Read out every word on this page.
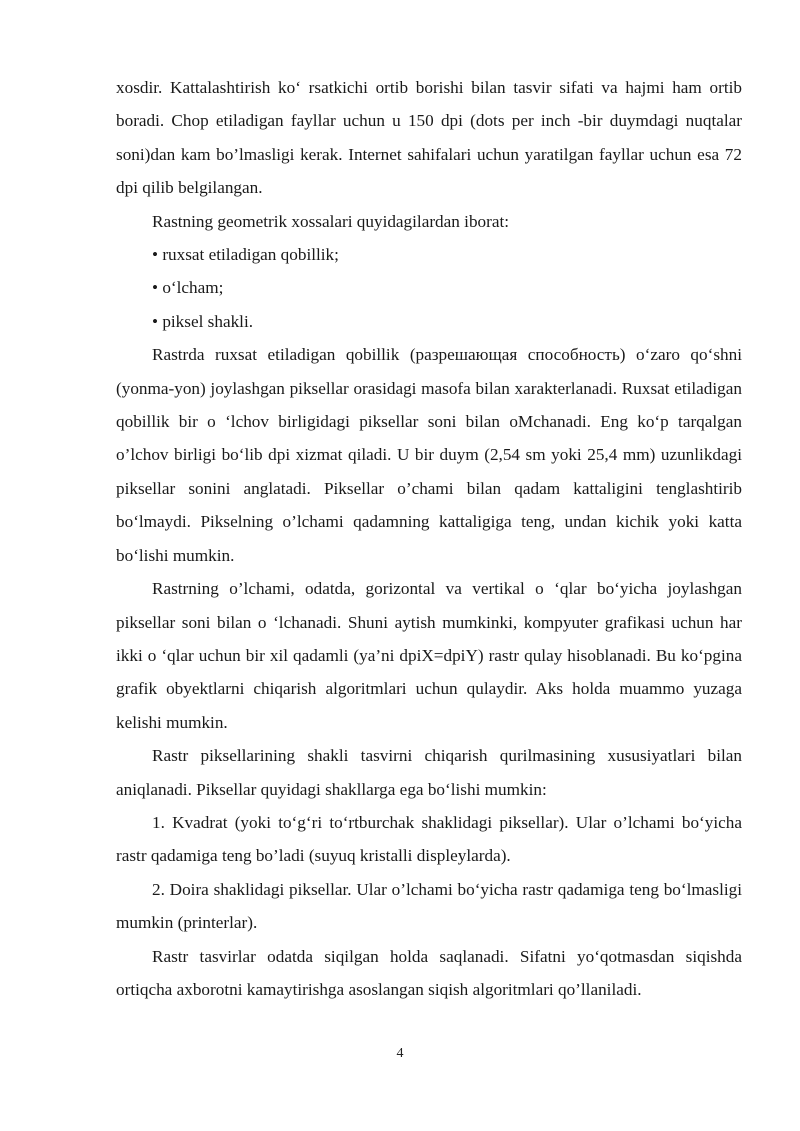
xosdir. Kattalashtirish ko‘ rsatkichi ortib borishi bilan tasvir sifati va hajmi ham ortib boradi. Chop etiladigan fayllar uchun u 150 dpi (dots per inch -bir duymdagi nuqtalar soni)dan kam bo’lmasligi kerak. Internet sahifalari uchun yaratilgan fayllar uchun esa 72 dpi qilib belgilangan.

Rastning geometrik xossalari quyidagilardan iborat:

• ruxsat etiladigan qobillik;

• o‘lcham;

• piksel shakli.

Rastrda ruxsat etiladigan qobillik (разрешающая способность) o‘zaro qo‘shni (yonma-yon) joylashgan piksellar orasidagi masofa bilan xarakterlanadi. Ruxsat etiladigan qobillik bir o ‘lchov birligidagi piksellar soni bilan oMchanadi. Eng ko‘p tarqalgan o’lchov birligi bo‘lib dpi xizmat qiladi. U bir duym (2,54 sm yoki 25,4 mm) uzunlikdagi piksellar sonini anglatadi. Piksellar o’chami bilan qadam kattaligini tenglashtirib bo‘lmaydi. Pikselning o’lchami qadamning kattaligiga teng, undan kichik yoki katta bo‘lishi mumkin.

Rastrning o’lchami, odatda, gorizontal va vertikal o ‘qlar bo‘yicha joylashgan piksellar soni bilan o ‘lchanadi. Shuni aytish mumkinki, kompyuter grafikasi uchun har ikki o ‘qlar uchun bir xil qadamli (ya’ni dpiX=dpiY) rastr qulay hisoblanadi. Bu ko‘pgina grafik obyektlarni chiqarish algoritmlari uchun qulaydir. Aks holda muammo yuzaga kelishi mumkin.

Rastr piksellarining shakli tasvirni chiqarish qurilmasining xususiyatlari bilan aniqlanadi. Piksellar quyidagi shakllarga ega bo‘lishi mumkin:

1. Kvadrat (yoki to‘g‘ri to‘rtburchak shaklidagi piksellar). Ular o’lchami bo‘yicha rastr qadamiga teng bo’ladi (suyuq kristalli displeylarda).

2. Doira shaklidagi piksellar. Ular o’lchami bo‘yicha rastr qadamiga teng bo‘lmasligi mumkin (printerlar).

Rastr tasvirlar odatda siqilgan holda saqlanadi. Sifatni yo‘qotmasdan siqishda ortiqcha axborotni kamaytirishga asoslangan siqish algoritmlari qo’llaniladi.

4
